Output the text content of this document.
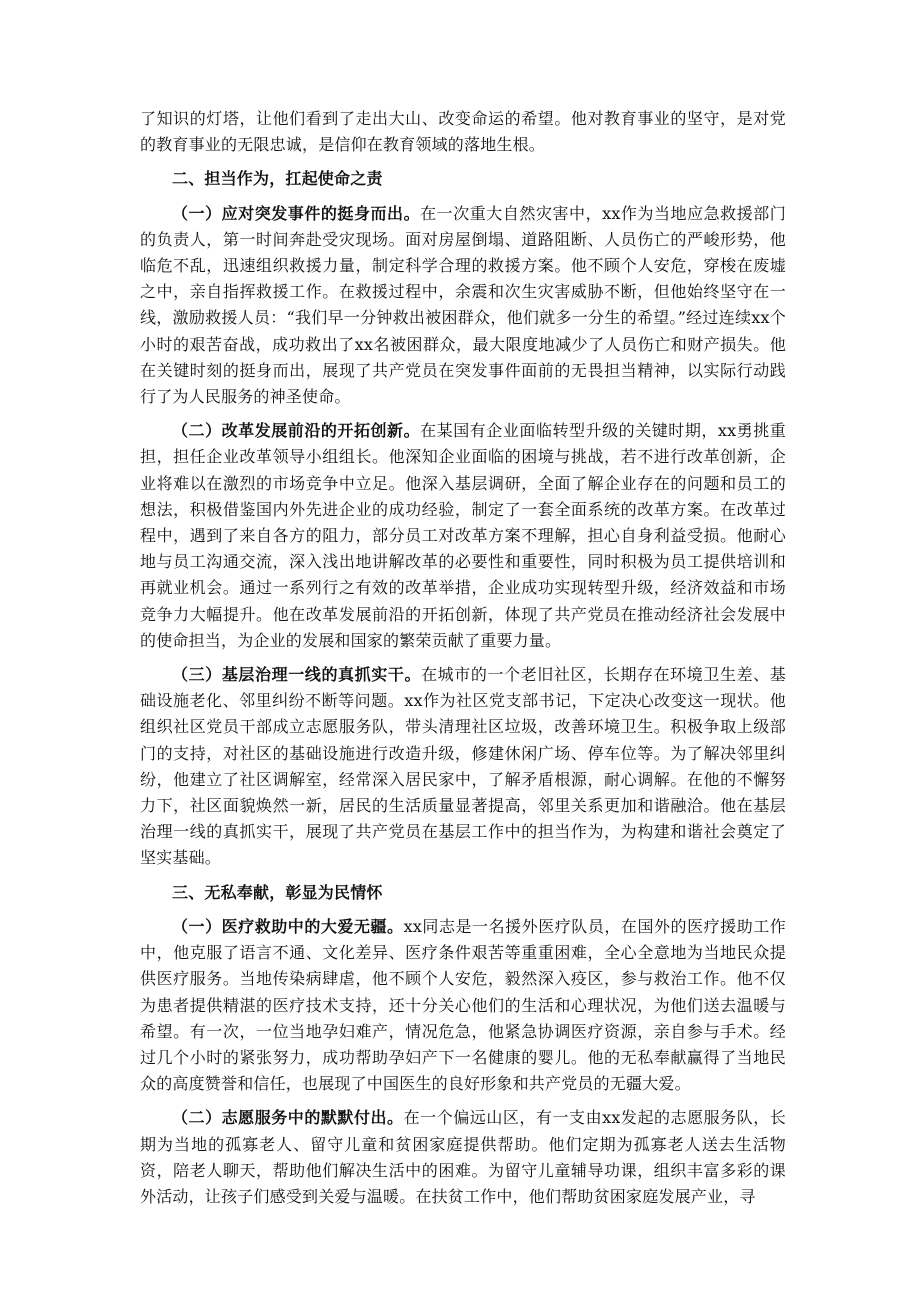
了知识的灯塔，让他们看到了走出大山、改变命运的希望。他对教育事业的坚守，是对党的教育事业的无限忠诚，是信仰在教育领域的落地生根。

二、担当作为，扛起使命之责

（一）应对突发事件的挺身而出。在一次重大自然灾害中，xx作为当地应急救援部门的负责人，第一时间奔赴受灾现场。面对房屋倒塌、道路阻断、人员伤亡的严峻形势，他临危不乱，迅速组织救援力量，制定科学合理的救援方案。他不顾个人安危，穿梭在废墟之中，亲自指挥救援工作。在救援过程中，余震和次生灾害威胁不断，但他始终坚守在一线，激励救援人员：“我们早一分钟救出被困群众，他们就多一分生的希望。”经过连续xx个小时的艰苦奋战，成功救出了xx名被困群众，最大限度地减少了人员伤亡和财产损失。他在关键时刻的挺身而出，展现了共产党员在突发事件面前的无畏担当精神，以实际行动践行了为人民服务的神圣使命。

（二）改革发展前沿的开拓创新。在某国有企业面临转型升级的关键时期，xx勇挑重担，担任企业改革领导小组组长。他深知企业面临的困境与挑战，若不进行改革创新，企业将难以在激烈的市场竞争中立足。他深入基层调研，全面了解企业存在的问题和员工的想法，积极借鉴国内外先进企业的成功经验，制定了一套全面系统的改革方案。在改革过程中，遇到了来自各方的阻力，部分员工对改革方案不理解，担心自身利益受损。他耐心地与员工沟通交流，深入浅出地讲解改革的必要性和重要性，同时积极为员工提供培训和再就业机会。通过一系列行之有效的改革举措，企业成功实现转型升级，经济效益和市场竞争力大幅提升。他在改革发展前沿的开拓创新，体现了共产党员在推动经济社会发展中的使命担当，为企业的发展和国家的繁荣贡献了重要力量。

（三）基层治理一线的真抓实干。在城市的一个老旧社区，长期存在环境卫生差、基础设施老化、邻里纠纷不断等问题。xx作为社区党支部书记，下定决心改变这一现状。他组织社区党员干部成立志愿服务队，带头清理社区垃圾，改善环境卫生。积极争取上级部门的支持，对社区的基础设施进行改造升级，修建休闲广场、停车位等。为了解决邻里纠纷，他建立了社区调解室，经常深入居民家中，了解矛盾根源，耐心调解。在他的不懈努力下，社区面貌焕然一新，居民的生活质量显著提高，邻里关系更加和谐融洽。他在基层治理一线的真抓实干，展现了共产党员在基层工作中的担当作为，为构建和谐社会奠定了坚实基础。

三、无私奉献，彰显为民情怀

（一）医疗救助中的大爱无疆。xx同志是一名援外医疗队员，在国外的医疗援助工作中，他克服了语言不通、文化差异、医疗条件艰苦等重重困难，全心全意地为当地民众提供医疗服务。当地传染病肆虐，他不顾个人安危，毅然深入疫区，参与救治工作。他不仅为患者提供精湛的医疗技术支持，还十分关心他们的生活和心理状况，为他们送去温暖与希望。有一次，一位当地孕妇难产，情况危急，他紧急协调医疗资源，亲自参与手术。经过几个小时的紧张努力，成功帮助孕妇产下一名健康的婴儿。他的无私奉献赢得了当地民众的高度赞誉和信任，也展现了中国医生的良好形象和共产党员的无疆大爱。

（二）志愿服务中的默默付出。在一个偏远山区，有一支由xx发起的志愿服务队，长期为当地的孤寡老人、留守儿童和贫困家庭提供帮助。他们定期为孤寡老人送去生活物资，陪老人聊天，帮助他们解决生活中的困难。为留守儿童辅导功课，组织丰富多彩的课外活动，让孩子们感受到关爱与温暖。在扶贫工作中，他们帮助贫困家庭发展产业，寻
